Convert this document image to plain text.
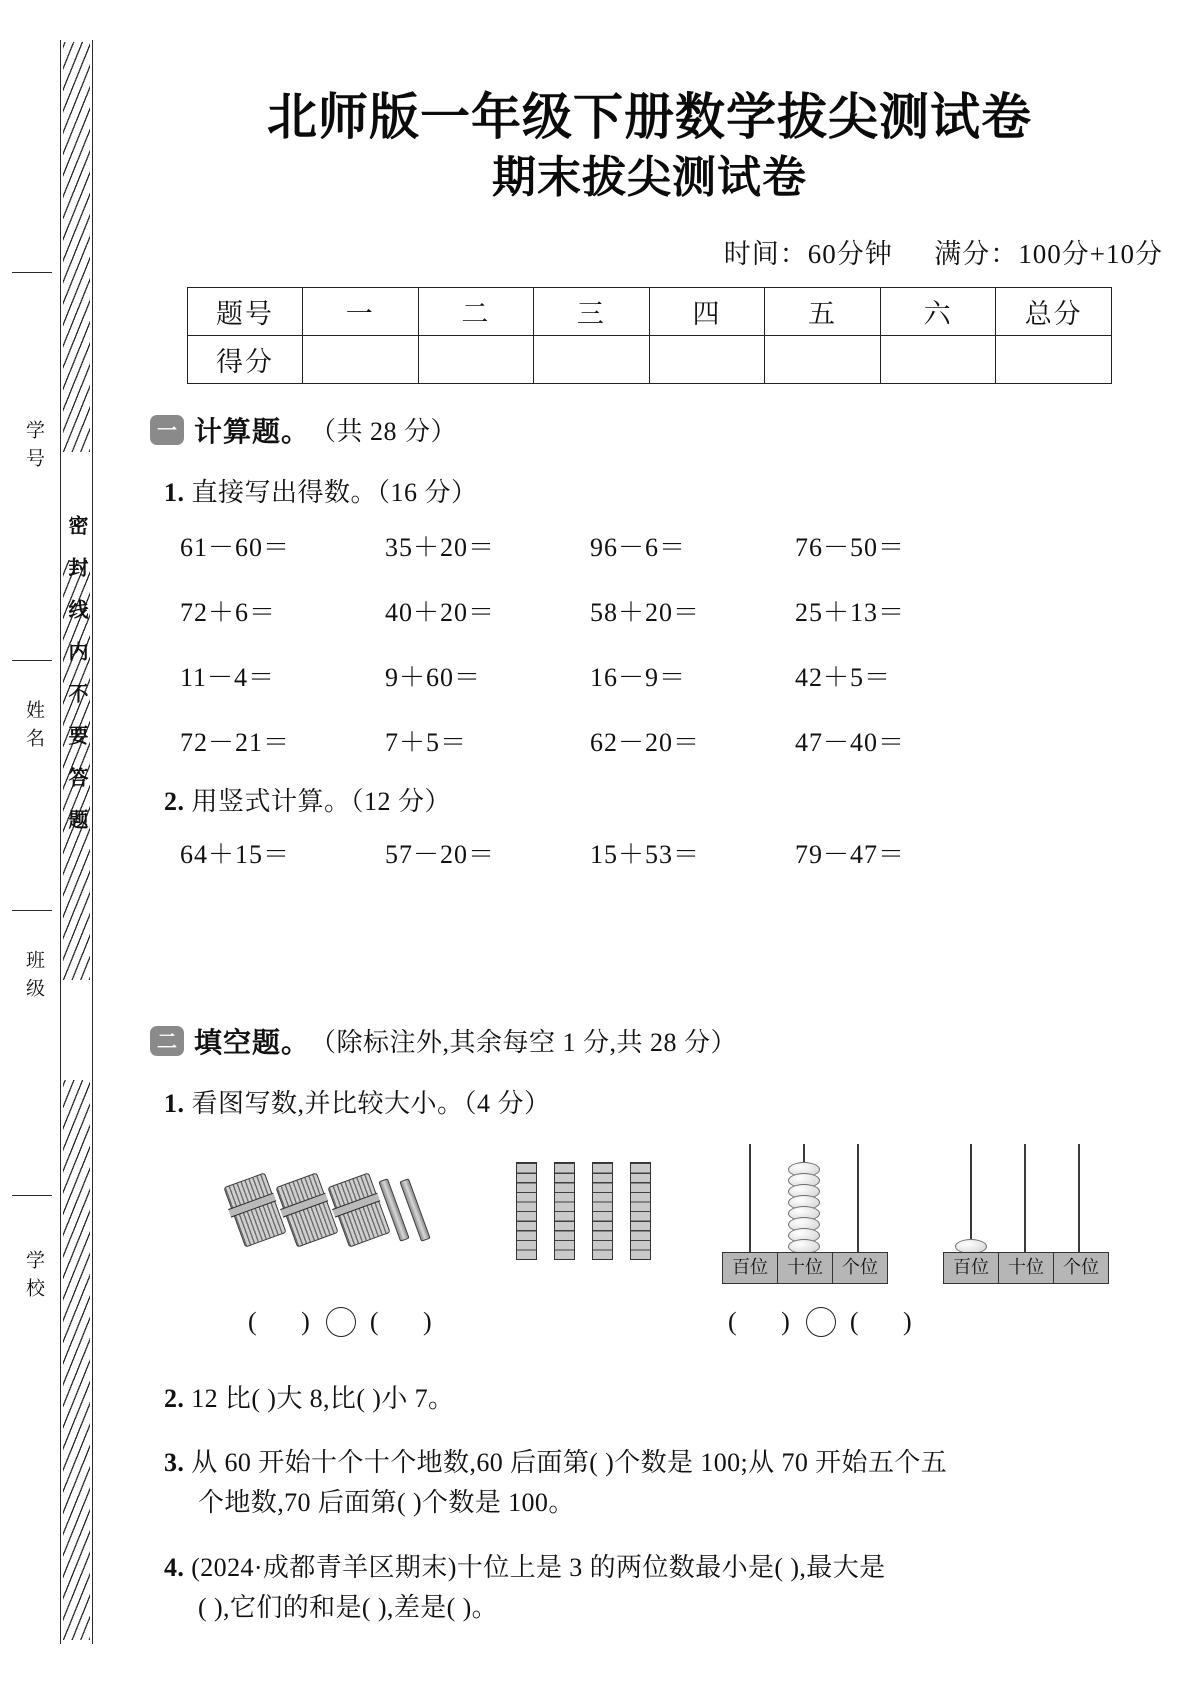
学号
姓名
班级
学校
密封线内不要答题
北师版一年级下册数学拔尖测试卷
期末拔尖测试卷
时间：60分钟 满分：100分+10分
题号	一	二	三	四	五	六	总分
得分							
一 计算题。 （共 28 分）
1. 直接写出得数。（16 分）
61－60＝	35＋20＝	96－6＝	76－50＝
72＋6＝	40＋20＝	58＋20＝	25＋13＝
11－4＝	9＋60＝	16－9＝	42＋5＝
72－21＝	7＋5＝	62－20＝	47－40＝
2. 用竖式计算。（12 分）
64＋15＝	57－20＝	15＋53＝	79－47＝
二 填空题。 （除标注外,其余每空 1 分,共 28 分）
1. 看图写数,并比较大小。（4 分）

百位	十位	个位	百位	十位	个位
(     ) (     )	(     ) (     )
2. 12 比( )大 8,比( )小 7。
3. 从 60 开始十个十个地数,60 后面第( )个数是 100;从 70 开始五个五
个地数,70 后面第( )个数是 100。
4. (2024·成都青羊区期末)十位上是 3 的两位数最小是( ),最大是
( ),它们的和是( ),差是( )。
